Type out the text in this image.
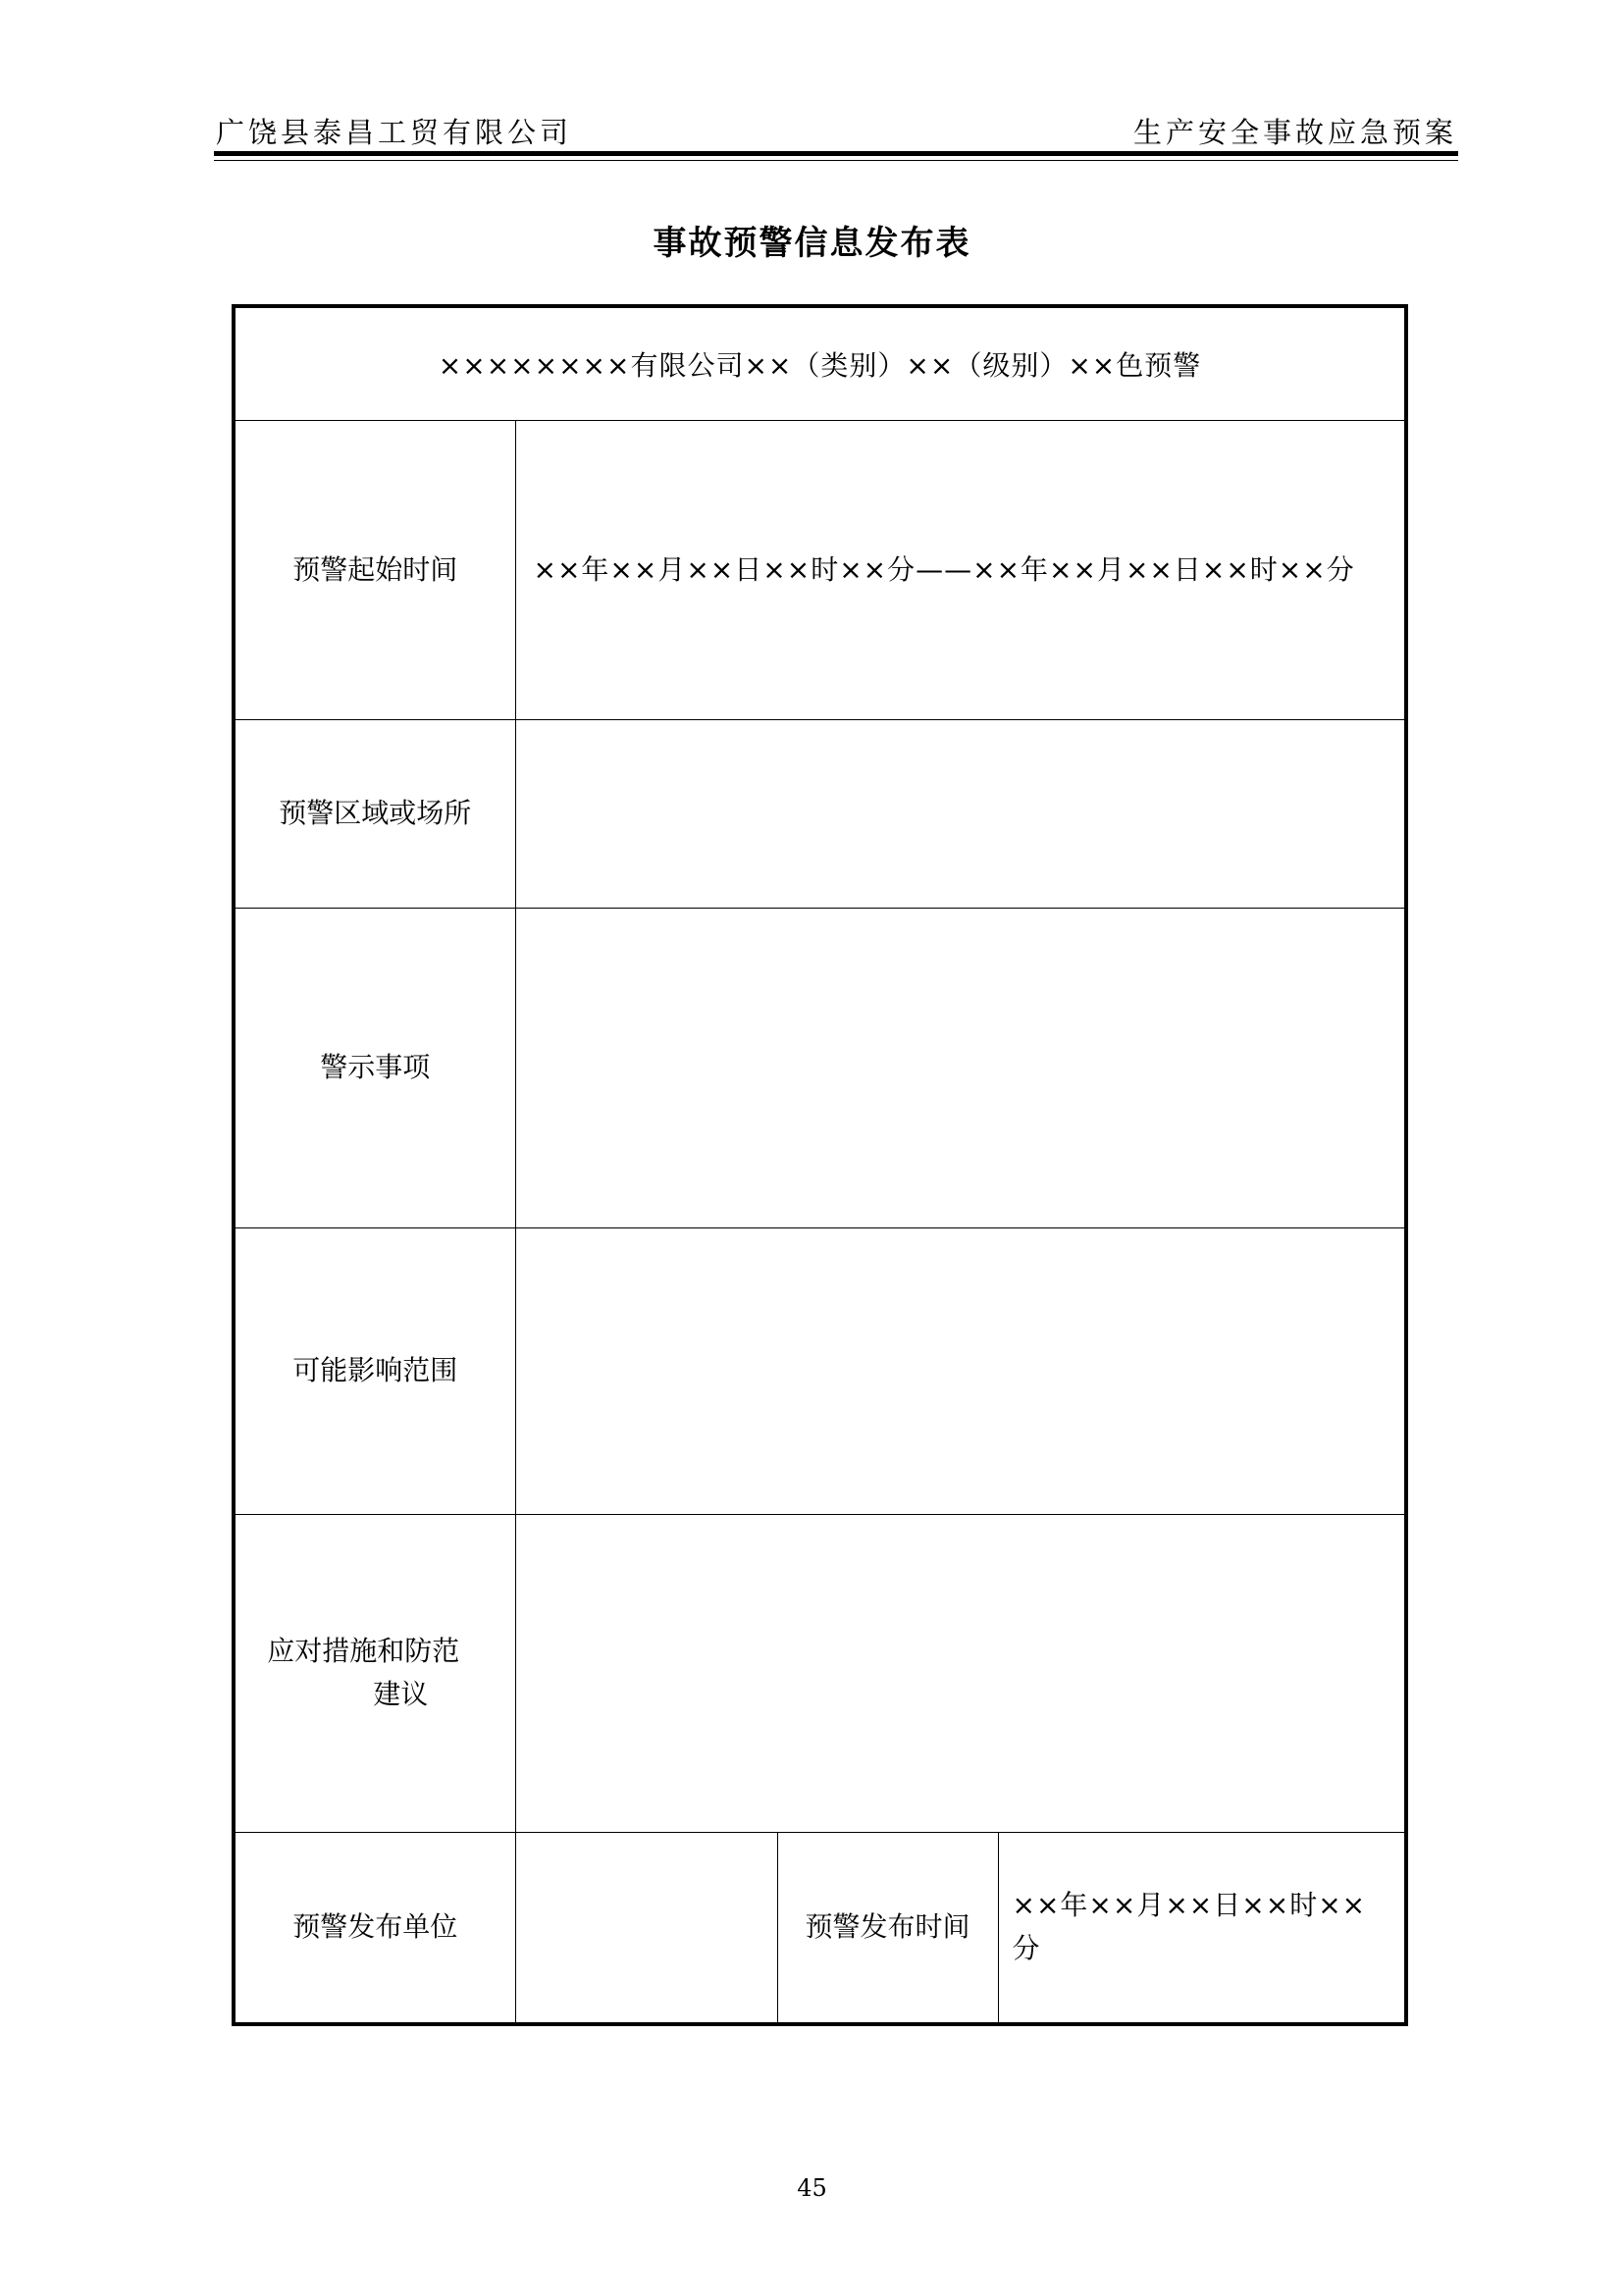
广饶县泰昌工贸有限公司	生产安全事故应急预案
事故预警信息发布表
××××××××有限公司××（类别）××（级别）××色预警			
预警起始时间	××年××月××日××时××分——××年××月××日××时××分		
预警区域或场所			
警示事项			
可能影响范围			
应对措施和防范
建议			

预警发布单位		预警发布时间	××年××月××日××时××分
45
